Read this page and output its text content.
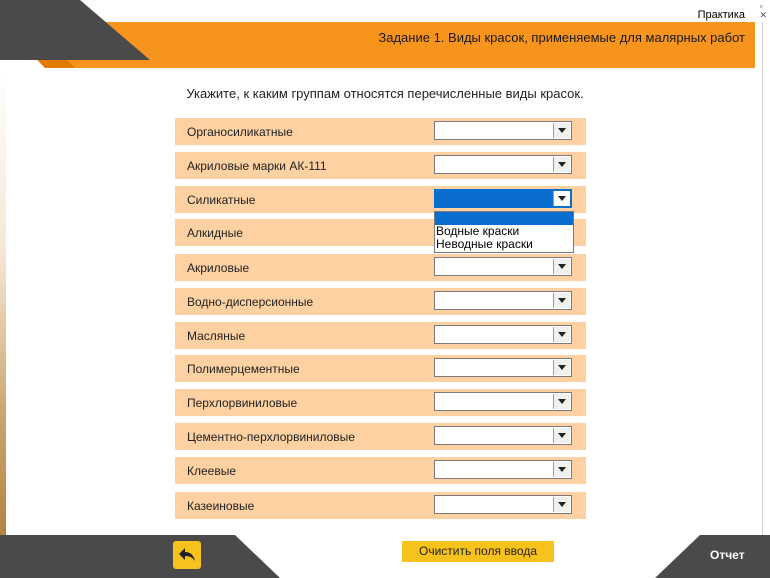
Практика
▫
✕
Задание 1. Виды красок, применяемые для малярных работ
Укажите, к каким группам относятся перечисленные виды красок.
Органосиликатные
Акриловые марки АК-111
Силикатные
Алкидные
Акриловые
Водно-дисперсионные
Масляные
Полимерцементные
Перхлорвиниловые
Цементно-перхлорвиниловые
Клеевые
Казеиновые
Водные краски
Неводные краски
Очистить поля ввода	Отчет
